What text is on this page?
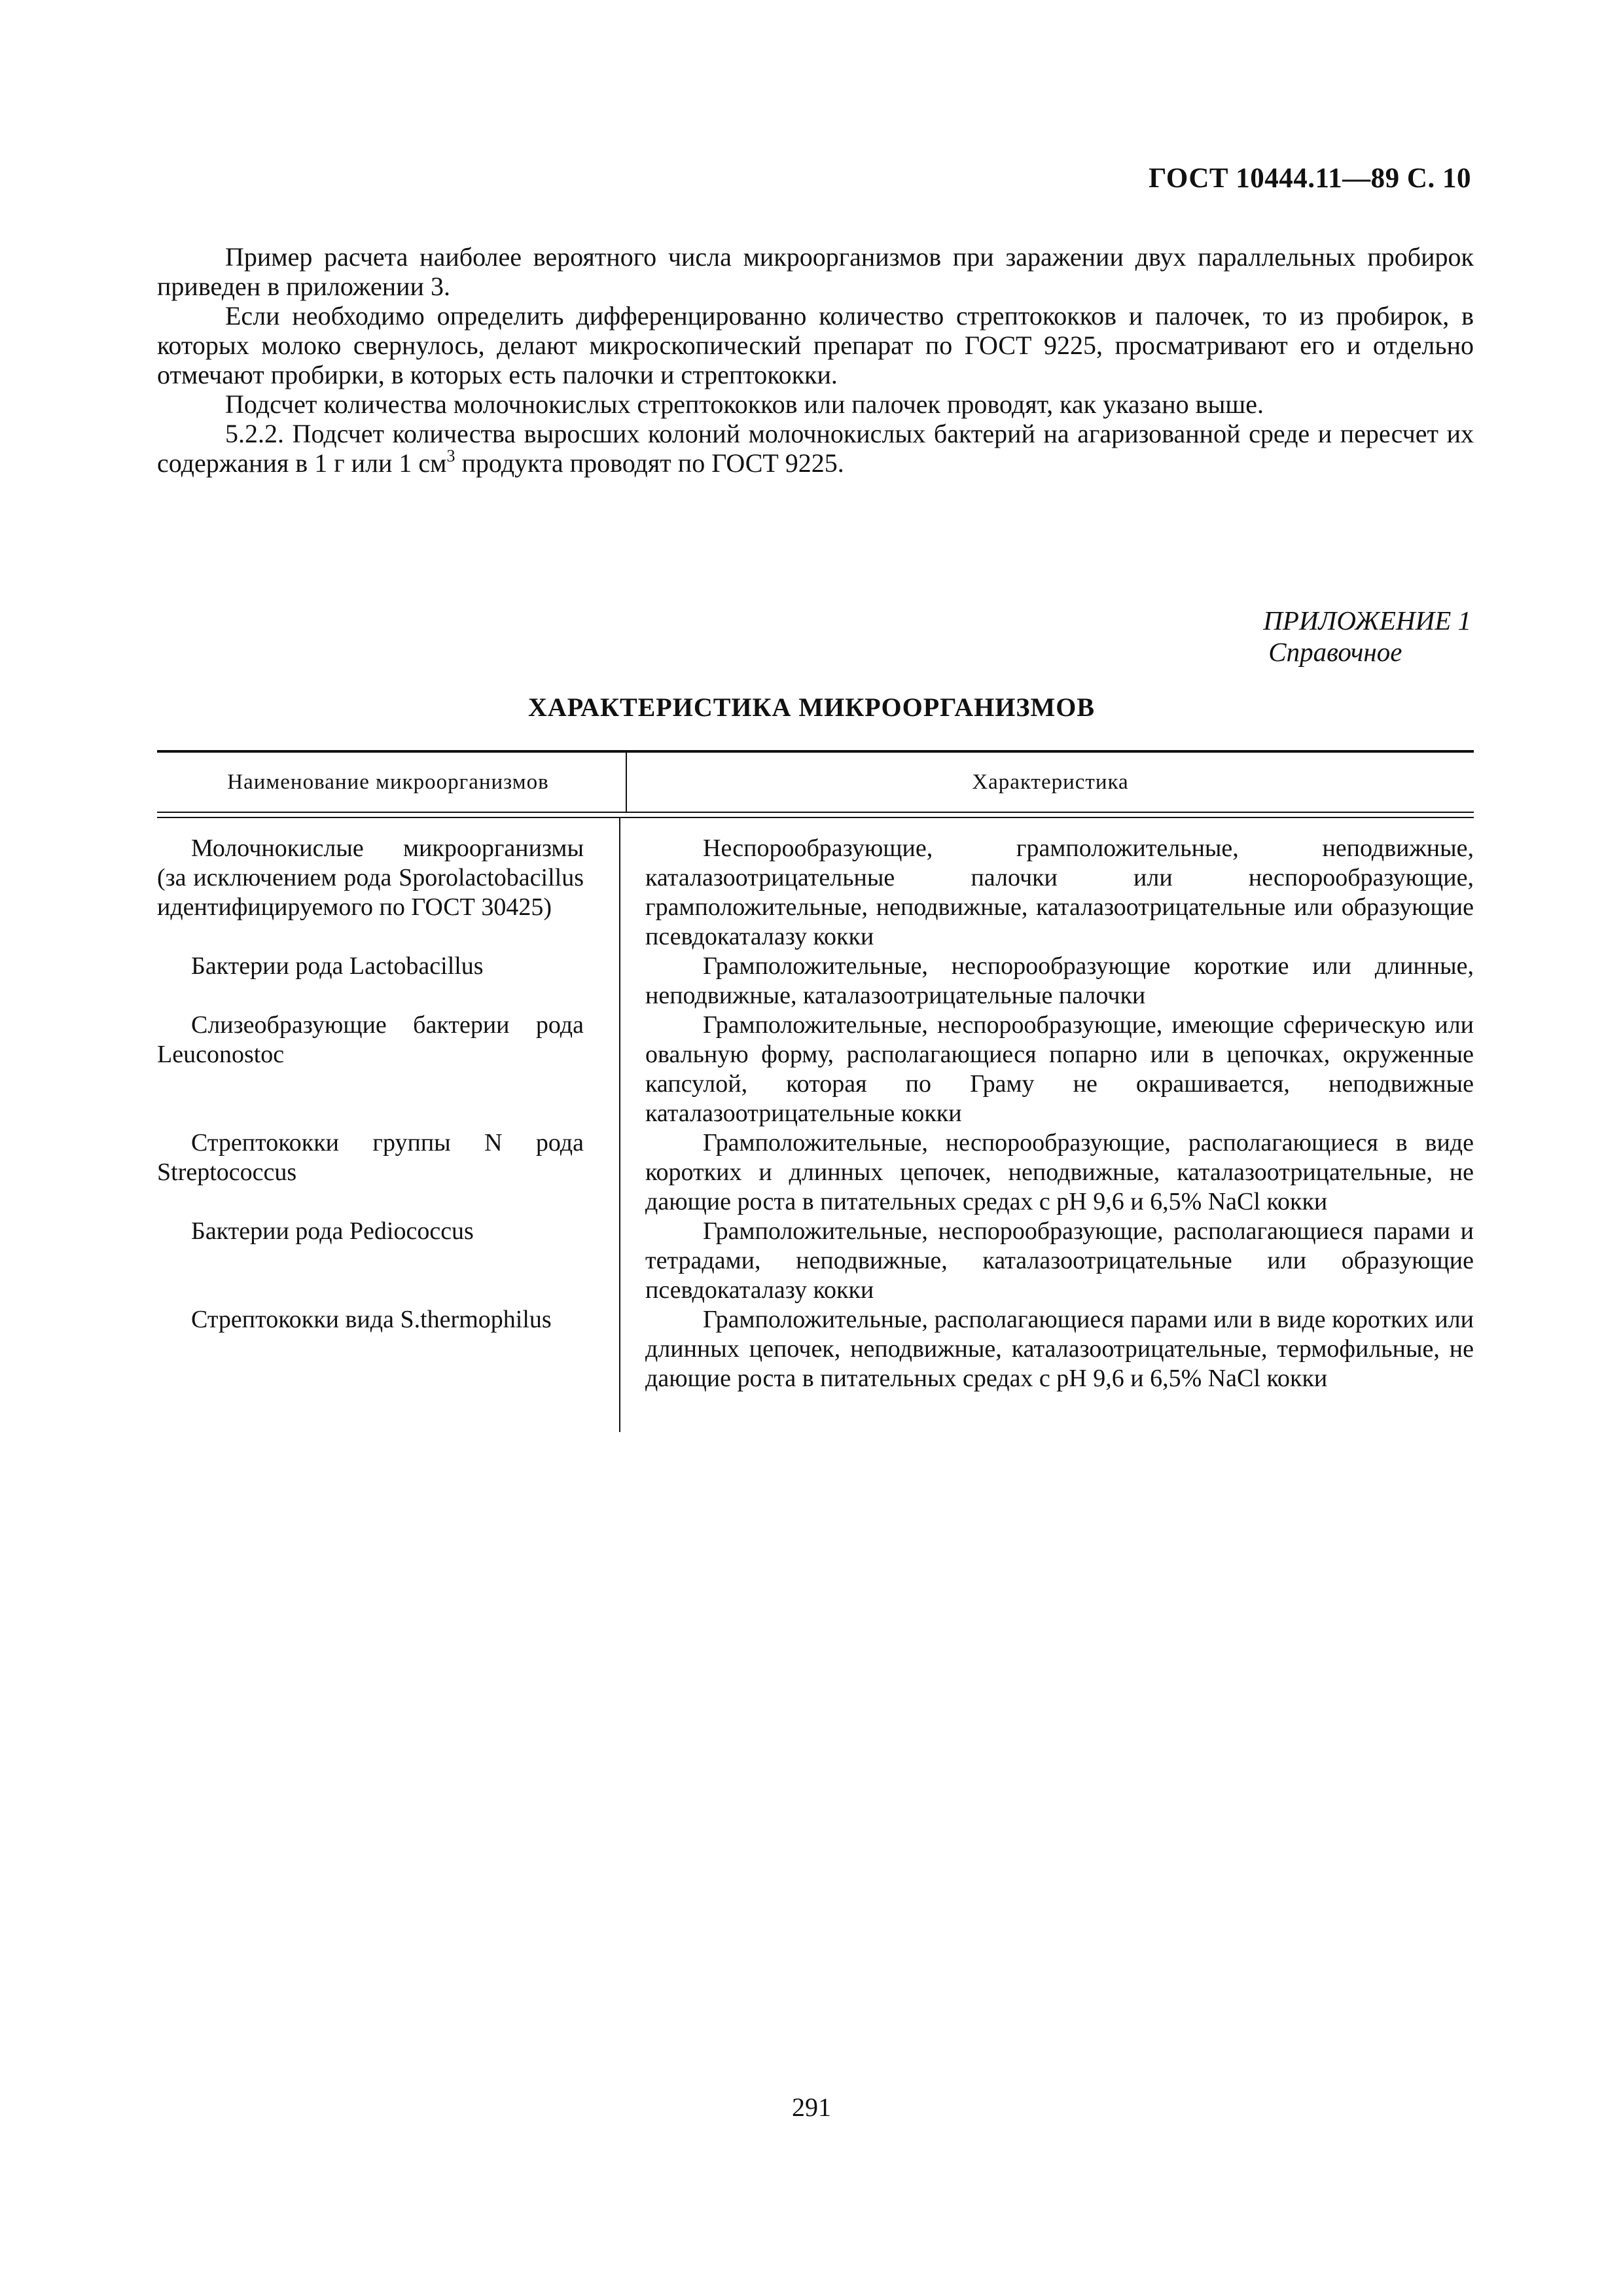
ГОСТ 10444.11—89 С. 10

Пример расчета наиболее вероятного числа микроорганизмов при заражении двух параллельных пробирок приведен в приложении 3.

Если необходимо определить дифференцированно количество стрептококков и палочек, то из пробирок, в которых молоко свернулось, делают микроскопический препарат по ГОСТ 9225, просматривают его и отдельно отмечают пробирки, в которых есть палочки и стрептококки.

Подсчет количества молочнокислых стрептококков или палочек проводят, как указано выше.

5.2.2. Подсчет количества выросших колоний молочнокислых бактерий на агаризованной среде и пересчет их содержания в 1 г или 1 $см^3$ продукта проводят по ГОСТ 9225.

ПРИЛОЖЕНИЕ 1
Справочное
ХАРАКТЕРИСТИКА МИКРООРГАНИЗМОВ
Наименование микроорганизмов	Характеристика
Молочнокислые микроорганизмы (за исключением рода Sporolactobacillus идентифицируемого по ГОСТ 30425)
Бактерии рода Lactobacillus
Слизеобразующие бактерии рода Leuconostoc
Стрептококки группы N рода Streptococcus
Бактерии рода Pediococcus
Стрептококки вида S.thermophilus
Неспорообразующие, грамположительные, неподвижные, каталазоотрицательные палочки или неспорообразующие, грамположительные, неподвижные, каталазоотрицательные или образующие псевдокаталазу кокки
Грамположительные, неспорообразующие короткие или длинные, неподвижные, каталазоотрицательные палочки
Грамположительные, неспорообразующие, имеющие сферическую или овальную форму, располагающиеся попарно или в цепочках, окруженные капсулой, которая по Граму не окрашивается, неподвижные каталазоотрицательные кокки
Грамположительные, неспорообразующие, располагающиеся в виде коротких и длинных цепочек, неподвижные, каталазоотрицательные, не дающие роста в питательных средах с pH 9,6 и 6,5% NaCl кокки
Грамположительные, неспорообразующие, располагающиеся парами и тетрадами, неподвижные, каталазоотрицательные или образующие псевдокаталазу кокки
Грамположительные, располагающиеся парами или в виде коротких или длинных цепочек, неподвижные, каталазоотрицательные, термофильные, не дающие роста в питательных средах с pH 9,6 и 6,5% NaCl кокки
291
